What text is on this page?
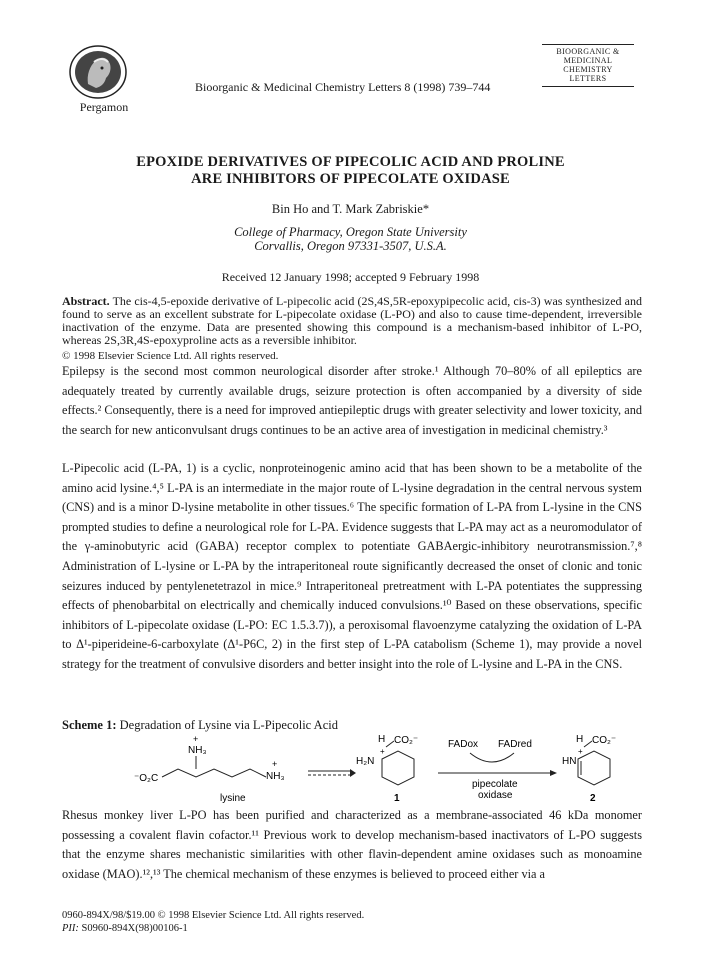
Pergamon
Bioorganic & Medicinal Chemistry Letters 8 (1998) 739–744
BIOORGANIC &
MEDICINAL CHEMISTRY
LETTERS
EPOXIDE DERIVATIVES OF PIPECOLIC ACID AND PROLINE
ARE INHIBITORS OF PIPECOLATE OXIDASE
Bin Ho and T. Mark Zabriskie*
College of Pharmacy, Oregon State University
Corvallis, Oregon 97331-3507, U.S.A.
Received 12 January 1998; accepted 9 February 1998
Abstract. The cis-4,5-epoxide derivative of L-pipecolic acid (2S,4S,5R-epoxypipecolic acid, cis-3) was synthesized and found to serve as an excellent substrate for L-pipecolate oxidase (L-PO) and also to cause time-dependent, irreversible inactivation of the enzyme. Data are presented showing this compound is a mechanism-based inhibitor of L-PO, whereas 2S,3R,4S-epoxyproline acts as a reversible inhibitor.
© 1998 Elsevier Science Ltd. All rights reserved.
Epilepsy is the second most common neurological disorder after stroke.¹ Although 70–80% of all epileptics are adequately treated by currently available drugs, seizure protection is often accompanied by a diversity of side effects.² Consequently, there is a need for improved antiepileptic drugs with greater selectivity and lower toxicity, and the search for new anticonvulsant drugs continues to be an active area of investigation in medicinal chemistry.³
L-Pipecolic acid (L-PA, 1) is a cyclic, nonproteinogenic amino acid that has been shown to be a metabolite of the amino acid lysine.⁴,⁵ L-PA is an intermediate in the major route of L-lysine degradation in the central nervous system (CNS) and is a minor D-lysine metabolite in other tissues.⁶ The specific formation of L-PA from L-lysine in the CNS prompted studies to define a neurological role for L-PA. Evidence suggests that L-PA may act as a neuromodulator of the γ-aminobutyric acid (GABA) receptor complex to potentiate GABAergic-inhibitory neurotransmission.⁷,⁸ Administration of L-lysine or L-PA by the intraperitoneal route significantly decreased the onset of clonic and tonic seizures induced by pentylenetetrazol in mice.⁹ Intraperitoneal pretreatment with L-PA potentiates the suppressing effects of phenobarbital on electrically and chemically induced convulsions.¹⁰ Based on these observations, specific inhibitors of L-pipecolate oxidase (L-PO: EC 1.5.3.7)), a peroxisomal flavoenzyme catalyzing the oxidation of L-PA to Δ¹-piperideine-6-carboxylate (Δ¹-P6C, 2) in the first step of L-PA catabolism (Scheme 1), may provide a novel strategy for the treatment of convulsive disorders and better insight into the role of L-lysine and L-PA in the CNS.
Scheme 1: Degradation of Lysine via L-Pipecolic Acid
+
NH₃
⁻O₂C
+
NH₃
lysine
H CO₂⁻
+
H₂N
1
FADox FADred
pipecolate
oxidase
H CO₂⁻
+
HN
2
Rhesus monkey liver L-PO has been purified and characterized as a membrane-associated 46 kDa monomer possessing a covalent flavin cofactor.¹¹ Previous work to develop mechanism-based inactivators of L-PO suggests that the enzyme shares mechanistic similarities with other flavin-dependent amine oxidases such as monoamine oxidase (MAO).¹²,¹³ The chemical mechanism of these enzymes is believed to proceed either via a
0960-894X/98/$19.00 © 1998 Elsevier Science Ltd. All rights reserved.
PII: S0960-894X(98)00106-1
